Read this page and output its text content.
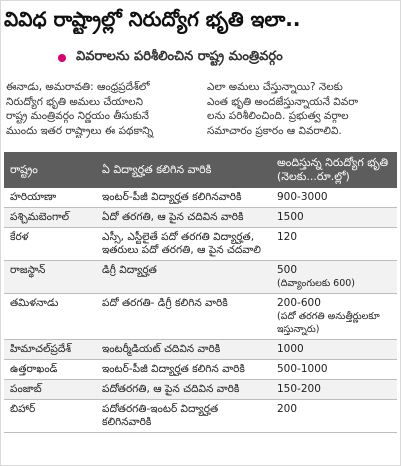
వివిధ రాష్ట్రాల్లో నిరుద్యోగ భృతి ఇలా..
వివరాలను పరిశీలించిన రాష్ట్ర మంత్రివర్గం
ఈనాడు, అమరావతి: ఆంధ్రప్రదేశ్‌లో
నిరుద్యోగ భృతి అమలు చేయాలని
రాష్ట్ర మంత్రివర్గం నిర్ణయం తీసుకునే
ముందు ఇతర రాష్ట్రాలు ఈ పథకాన్ని
ఎలా అమలు చేస్తున్నాయి? నెలకు
ఎంత భృతి అందజేస్తున్నాయనే వివరా
లను పరిశీలించింది. ప్రభుత్వ వర్గాల
సమాచారం ప్రకారం ఆ వివరాలివి.
రాష్ట్రం	ఏ విద్యార్హత కలిగిన వారికి	అందిస్తున్న నిరుద్యోగ భృతి (నెలకు...రూ.ల్లో)
హరియాణా	ఇంటర్-పీజీ విద్యార్హత కలిగినవారికి	900-3000

పశ్చిమబెంగాల్	ఏదో తరగతి, ఆ పైన చదివిన వారికి	1500

కేరళ	ఎస్సీ, ఎస్టీలైతే పదో తరగతి విద్యార్హత, ఇతరులు పదో తరగతి, ఆ పైన చదవాలి	120

రాజస్థాన్	డిగ్రీ విద్యార్హత	500
(దివ్యాంగులకు 600)

తమిళనాడు	పదో తరగతి- డిగ్రీ కలిగిన వారికి	200-600
(పదో తరగతి అనుత్తీర్ణులకూ ఇస్తున్నారు)

హిమాచల్‌ప్రదేశ్	ఇంటర్మీడియట్ చదివిన వారికి	1000

ఉత్తరాఖండ్	ఇంటర్-పీజీ విద్యార్హత కలిగిన వారికి	500-1000

పంజాబ్	పదోతరగతి, ఆ పైన చదివిన వారికి	150-200

బిహార్	పదోతరగతి-ఇంటర్ విద్యార్హత కలిగినవారికి	200
